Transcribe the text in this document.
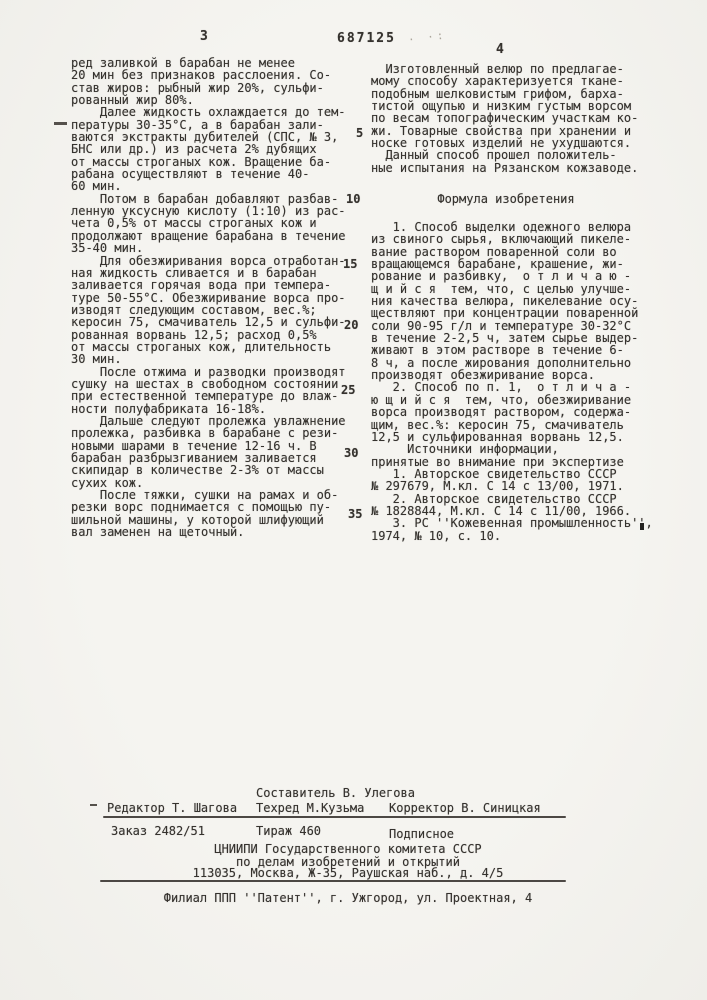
3	687125 · ·:
4
ред заливкой в барабан не менее
20 мин без признаков расслоения. Со-
став жиров: рыбный жир 20%, сульфи-
рованный жир 80%.
Далее жидкость охлаждается до тем-
пературы 30-35°С, а в барабан зали-
ваются экстракты дубителей (СПС, № 3,
БНС или др.) из расчета 2% дубящих
от массы строганых кож. Вращение ба-
рабана осуществляют в течение 40-
60 мин.
Потом в барабан добавляют разбав-
ленную уксусную кислоту (1:10) из рас-
чета 0,5% от массы строганых кож и
продолжают вращение барабана в течение
35-40 мин.
Для обезжиривания ворса отработан-
ная жидкость сливается и в барабан
заливается горячая вода при темпера-
туре 50-55°С. Обезжиривание ворса про-
изводят следующим составом, вес.%;
керосин 75, смачиватель 12,5 и сульфи-
рованная ворвань 12,5; расход 0,5%
от массы строганых кож, длительность
30 мин.
После отжима и разводки производят
сушку на шестах в свободном состоянии
при естественной температуре до влаж-
ности полуфабриката 16-18%.
Дальше следуют пролежка увлажнение
пролежка, разбивка в барабане с рези-
новыми шарами в течение 12-16 ч. В
барабан разбрызгиванием заливается
скипидар в количестве 2-3% от массы
сухих кож.
После тяжки, сушки на рамах и об-
резки ворс поднимается с помощью пу-
шильной машины, у которой шлифующий
вал заменен на щеточный.
Изготовленный велюр по предлагае-
мому способу характеризуется ткане-
подобным шелковистым грифом, барха-
тистой ощупью и низким густым ворсом
по весам топографическим участкам ко-
жи. Товарные свойства при хранении и
носке готовых изделий не ухудшаются.
Данный способ прошел положитель-
ные испытания на Рязанском кожзаводе.
Формула изобретения
1. Способ выделки одежного велюра
из свиного сырья, включающий пикеле-
вание раствором поваренной соли во
вращающемся барабане, крашение, жи-
рование и разбивку,  о т л и ч а ю -
щ и й с я  тем, что, с целью улучше-
ния качества велюра, пикелевание осу-
ществляют при концентрации поваренной
соли 90-95 г/л и температуре 30-32°С
в течение 2-2,5 ч, затем сырье выдер-
живают в этом растворе в течение 6-
8 ч, а после жирования дополнительно
производят обезжиривание ворса.
2. Способ по п. 1,  о т л и ч а -
ю щ и й с я  тем, что, обезжиривание
ворса производят раствором, содержа-
щим, вес.%: керосин 75, смачиватель
12,5 и сульфированная ворвань 12,5.
Источники информации,
принятые во внимание при экспертизе
1. Авторское свидетельство СССР
№ 297679, М.кл. С 14 с 13/00, 1971.
2. Авторское свидетельство СССР
№ 1828844, М.кл. С 14 с 11/00, 1966.
3. РС ''Кожевенная промышленность'',
1974, № 10, с. 10.
5
10
15
20
25
30
35
Составитель В. Улегова
Редактор Т. Шагова Техред М.Кузьма Корректор В. Синицкая
Заказ 2482/51	Тираж 460	Подписное
ЦНИИПИ Государственного комитета СССР
по делам изобретений и открытий
113035, Москва, Ж-35, Раушская наб., д. 4/5
Филиал ППП ''Патент'', г. Ужгород, ул. Проектная, 4
